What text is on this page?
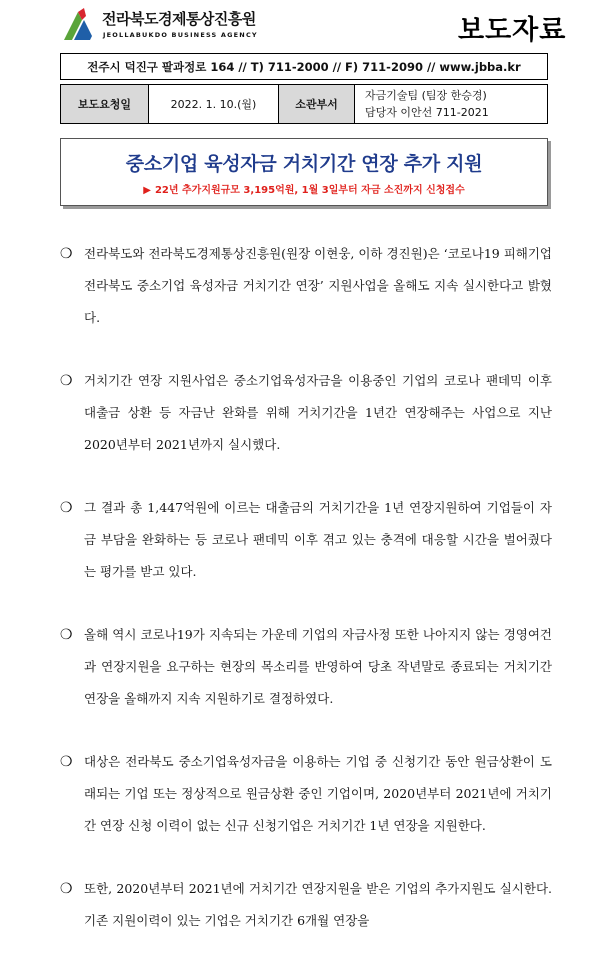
전라북도경제통상진흥원
JEOLLABUKDO BUSINESS AGENCY	보도자료
전주시 덕진구 팔과정로 164 // T) 711-2000 // F) 711-2090 // www.jbba.kr
보도요청일	2022. 1. 10.(월)	소관부서
자금기술팀 (팀장 한승경)
담당자 이안선 711-2021
중소기업 육성자금 거치기간 연장 추가 지원
▶ 22년 추가지원규모 3,195억원, 1월 3일부터 자금 소진까지 신청접수
❍ 전라북도와 전라북도경제통상진흥원(원장 이현웅, 이하 경진원)은 ‘코로나19 피해기업 전라북도 중소기업 육성자금 거치기간 연장’ 지원사업을 올해도 지속 실시한다고 밝혔다.
❍ 거치기간 연장 지원사업은 중소기업육성자금을 이용중인 기업의 코로나 팬데믹 이후 대출금 상환 등 자금난 완화를 위해 거치기간을 1년간 연장해주는 사업으로 지난 2020년부터 2021년까지 실시했다.
❍ 그 결과 총 1,447억원에 이르는 대출금의 거치기간을 1년 연장지원하여 기업들이 자금 부담을 완화하는 등 코로나 팬데믹 이후 겪고 있는 충격에 대응할 시간을 벌어줬다는 평가를 받고 있다.
❍ 올해 역시 코로나19가 지속되는 가운데 기업의 자금사정 또한 나아지지 않는 경영여건과 연장지원을 요구하는 현장의 목소리를 반영하여 당초 작년말로 종료되는 거치기간 연장을 올해까지 지속 지원하기로 결정하였다.
❍ 대상은 전라북도 중소기업육성자금을 이용하는 기업 중 신청기간 동안 원금상환이 도래되는 기업 또는 정상적으로 원금상환 중인 기업이며, 2020년부터 2021년에 거치기간 연장 신청 이력이 없는 신규 신청기업은 거치기간 1년 연장을 지원한다.
❍ 또한, 2020년부터 2021년에 거치기간 연장지원을 받은 기업의 추가지원도 실시한다. 기존 지원이력이 있는 기업은 거치기간 6개월 연장을
